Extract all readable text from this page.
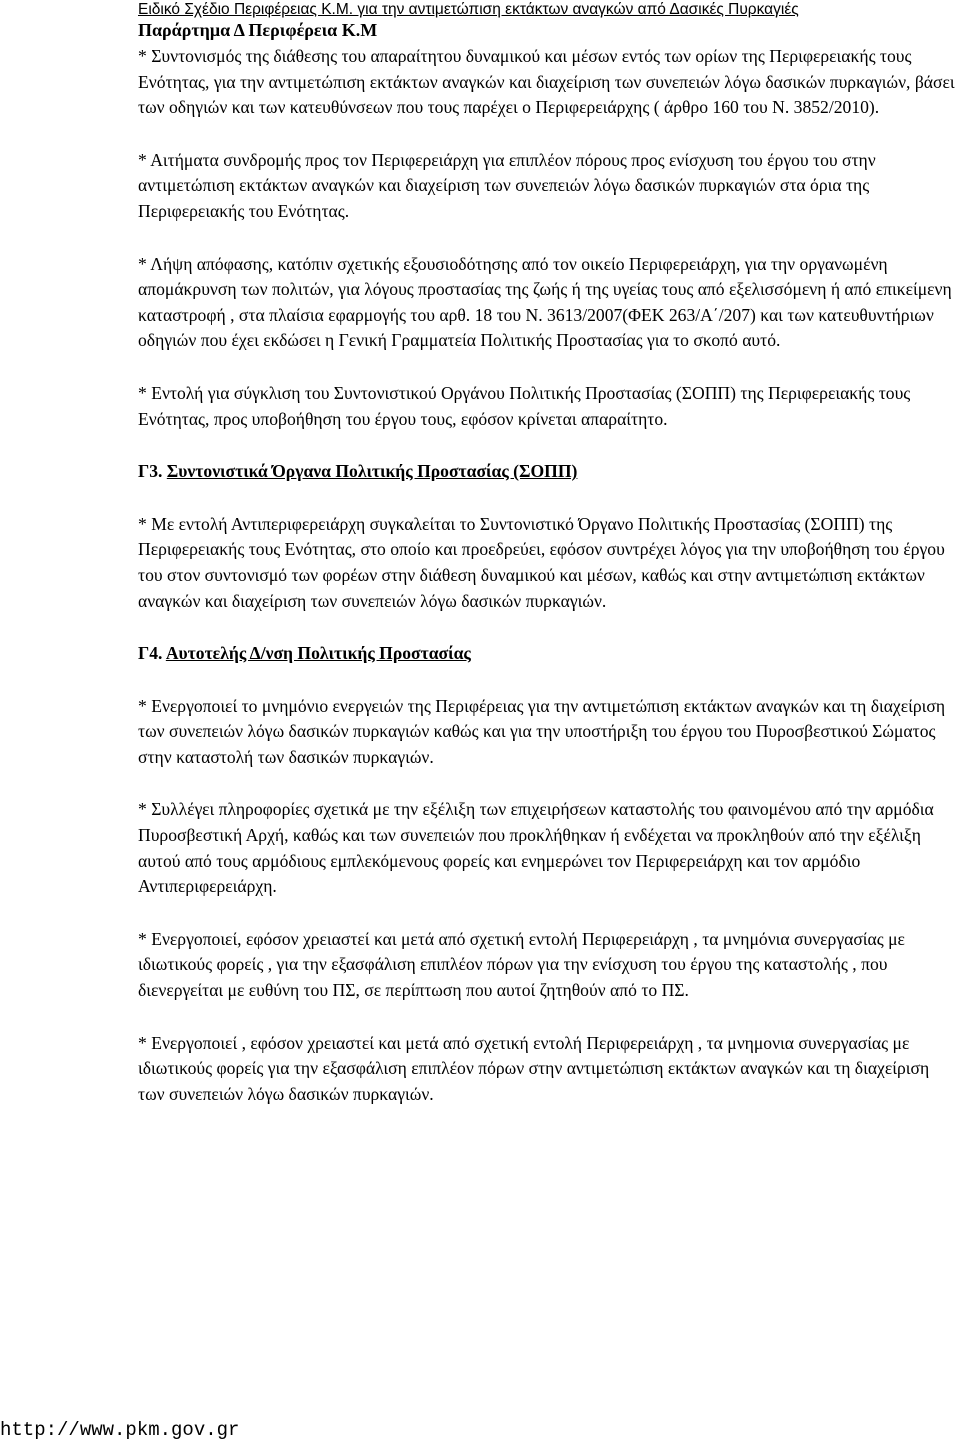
Ειδικό Σχέδιο Περιφέρειας Κ.Μ. για την αντιμετώπιση εκτάκτων αναγκών από Δασικές Πυρκαγιές
Παράρτημα Δ Περιφέρεια Κ.Μ

* Συντονισμός της διάθεσης του απαραίτητου δυναμικού και μέσων εντός των ορίων της Περιφερειακής τους Ενότητας, για την αντιμετώπιση εκτάκτων αναγκών και διαχείριση των συνεπειών λόγω δασικών πυρκαγιών, βάσει των οδηγιών και των κατευθύνσεων που τους παρέχει ο Περιφερειάρχης ( άρθρο 160 του Ν. 3852/2010).

* Αιτήματα συνδρομής προς τον Περιφερειάρχη για επιπλέον πόρους προς ενίσχυση του έργου του στην αντιμετώπιση εκτάκτων αναγκών και διαχείριση των συνεπειών λόγω δασικών πυρκαγιών στα όρια της Περιφερειακής του Ενότητας.

* Λήψη απόφασης, κατόπιν σχετικής εξουσιοδότησης από τον οικείο Περιφερειάρχη, για την οργανωμένη απομάκρυνση των πολιτών, για λόγους προστασίας της ζωής ή της υγείας τους από εξελισσόμενη ή από επικείμενη καταστροφή , στα πλαίσια εφαρμογής του αρθ. 18 του Ν. 3613/2007(ΦΕΚ 263/Α΄/207) και των κατευθυντήριων οδηγιών που έχει εκδώσει η Γενική Γραμματεία Πολιτικής Προστασίας για το σκοπό αυτό.

* Εντολή για σύγκλιση του Συντονιστικού Οργάνου Πολιτικής Προστασίας (ΣΟΠΠ) της Περιφερειακής τους Ενότητας, προς υποβοήθηση του έργου τους, εφόσον κρίνεται απαραίτητο.

Γ3. Συντονιστικά Όργανα Πολιτικής Προστασίας (ΣΟΠΠ)

* Με εντολή Αντιπεριφερειάρχη συγκαλείται το Συντονιστικό Όργανο Πολιτικής Προστασίας (ΣΟΠΠ) της Περιφερειακής τους Ενότητας, στο οποίο και προεδρεύει, εφόσον συντρέχει λόγος για την υποβοήθηση του έργου του στον συντονισμό των φορέων στην διάθεση δυναμικού και μέσων, καθώς και στην αντιμετώπιση εκτάκτων αναγκών και διαχείριση των συνεπειών λόγω δασικών πυρκαγιών.

Γ4. Αυτοτελής Δ/νση Πολιτικής Προστασίας

* Ενεργοποιεί το μνημόνιο ενεργειών της Περιφέρειας για την αντιμετώπιση εκτάκτων αναγκών και τη διαχείριση των συνεπειών λόγω δασικών πυρκαγιών καθώς και για την υποστήριξη του έργου του Πυροσβεστικού Σώματος στην καταστολή των δασικών πυρκαγιών.

* Συλλέγει πληροφορίες σχετικά με την εξέλιξη των επιχειρήσεων καταστολής του φαινομένου από την αρμόδια Πυροσβεστική Αρχή, καθώς και των συνεπειών που προκλήθηκαν ή ενδέχεται να προκληθούν από την εξέλιξη αυτού από τους αρμόδιους εμπλεκόμενους φορείς και ενημερώνει τον Περιφερειάρχη και τον αρμόδιο Αντιπεριφερειάρχη.

* Ενεργοποιεί, εφόσον χρειαστεί και μετά από σχετική εντολή Περιφερειάρχη , τα μνημόνια συνεργασίας με ιδιωτικούς φορείς , για την εξασφάλιση επιπλέον πόρων για την ενίσχυση του έργου της καταστολής , που διενεργείται με ευθύνη του ΠΣ, σε περίπτωση που αυτοί ζητηθούν από το ΠΣ.

* Ενεργοποιεί , εφόσον χρειαστεί και μετά από σχετική εντολή Περιφερειάρχη , τα μνημονια συνεργασίας με ιδιωτικούς φορείς για την εξασφάλιση επιπλέον πόρων στην αντιμετώπιση εκτάκτων αναγκών και τη διαχείριση των συνεπειών λόγω δασικών πυρκαγιών.

http://www.pkm.gov.gr
